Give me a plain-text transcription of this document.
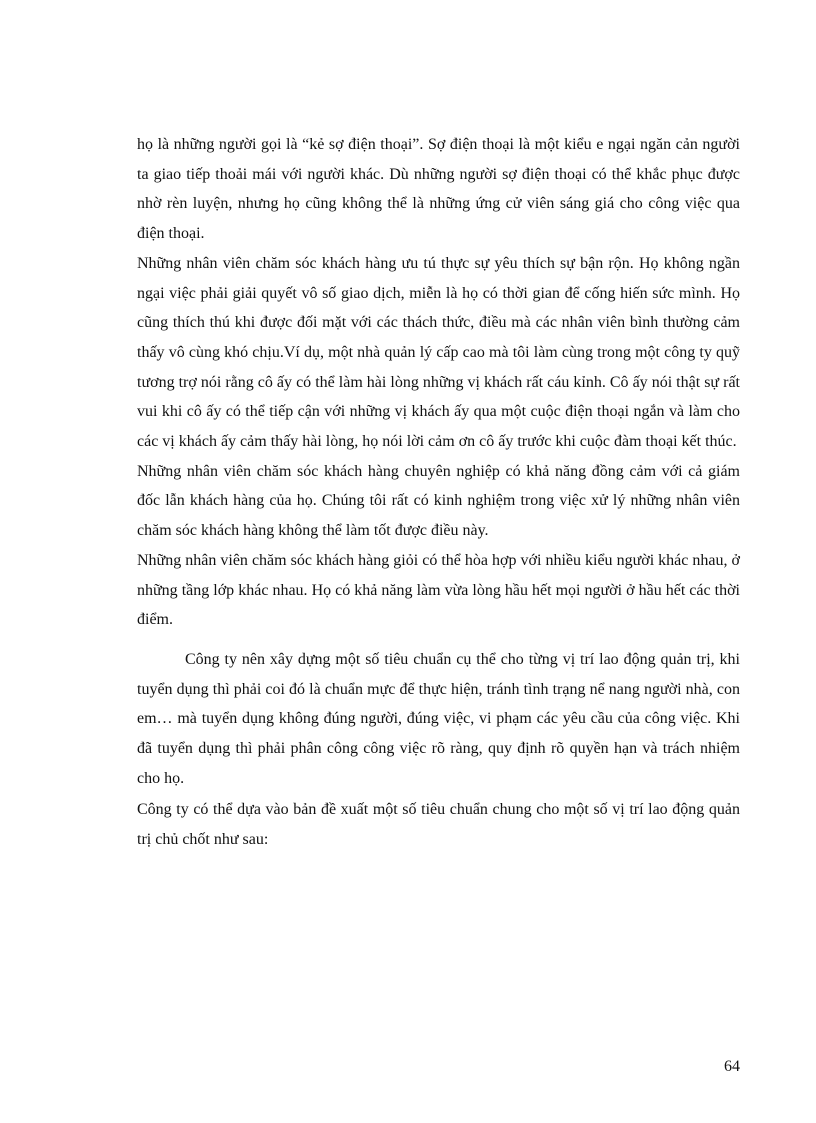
họ là những người gọi là “kẻ sợ điện thoại”. Sợ điện thoại là một kiểu e ngại ngăn cản người ta giao tiếp thoải mái với người khác. Dù những người sợ điện thoại có thể khắc phục được nhờ rèn luyện, nhưng họ cũng không thể là những ứng cử viên sáng giá cho công việc qua điện thoại.

Những nhân viên chăm sóc khách hàng ưu tú thực sự yêu thích sự bận rộn. Họ không ngần ngại việc phải giải quyết vô số giao dịch, miễn là họ có thời gian để cống hiến sức mình. Họ cũng thích thú khi được đối mặt với các thách thức, điều mà các nhân viên bình thường cảm thấy vô cùng khó chịu.Ví dụ, một nhà quản lý cấp cao mà tôi làm cùng trong một công ty quỹ tương trợ nói rằng cô ấy có thể làm hài lòng những vị khách rất cáu kỉnh. Cô ấy nói thật sự rất vui khi cô ấy có thể tiếp cận với những vị khách ấy qua một cuộc điện thoại ngắn và làm cho các vị khách ấy cảm thấy hài lòng, họ nói lời cảm ơn cô ấy trước khi cuộc đàm thoại kết thúc.

Những nhân viên chăm sóc khách hàng chuyên nghiệp có khả năng đồng cảm với cả giám đốc lẫn khách hàng của họ. Chúng tôi rất có kinh nghiệm trong việc xử lý những nhân viên chăm sóc khách hàng không thể làm tốt được điều này.

Những nhân viên chăm sóc khách hàng giỏi có thể hòa hợp với nhiều kiểu người khác nhau, ở những tầng lớp khác nhau. Họ có khả năng làm vừa lòng hầu hết mọi người ở hầu hết các thời điểm.

Công ty nên xây dựng một số tiêu chuẩn cụ thể cho từng vị trí lao động quản trị, khi tuyển dụng thì phải coi đó là chuẩn mực để thực hiện, tránh tình trạng nể nang người nhà, con em… mà tuyển dụng không đúng người, đúng việc, vi phạm các yêu cầu của công việc. Khi đã tuyển dụng thì phải phân công công việc rõ ràng, quy định rõ quyền hạn và trách nhiệm cho họ.

Công ty có thể dựa vào bản đề xuất một số tiêu chuẩn chung cho một số vị trí lao động quản trị chủ chốt như sau:

64
